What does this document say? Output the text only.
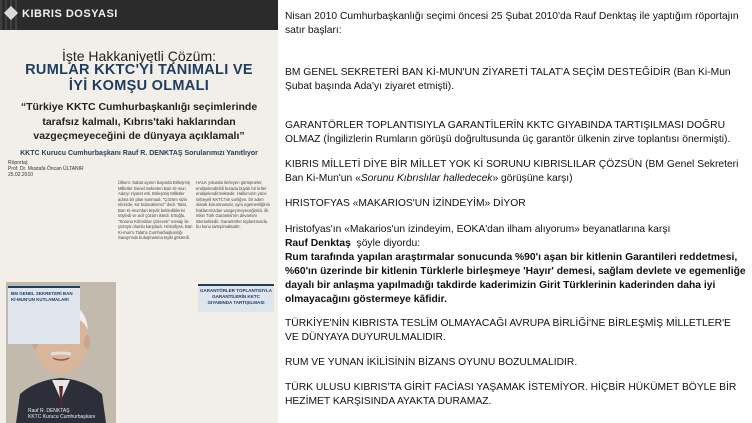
KIBRIS DOSYASI
İşte Hakkaniyetli Çözüm:
RUMLAR KKTC'Yİ TANIMALI VE
İYİ KOMŞU OLMALI
“Türkiye KKTC Cumhurbaşkanlığı seçimlerinde tarafsız kalmalı, Kıbrıs'taki haklarından vazgeçmeyeceğini de dünyaya açıklamalı”
KKTC Kurucu Cumhurbaşkanı Rauf R. DENKTAŞ Sorularımızı Yanıtlıyor
Röportaj:
Prof. Dr. Mustafa Öncan ÜLTANIR
25.02.2010
Ülkem: Sabat ayının başında Birleşmiş Milletler Genel Sekreteri Ban Ki-mun Ada'yı ziyaret etti. Birleşmiş Milletler adına bir plan sunmadı. "Çözüm sizin elinizde, siz bulacaksınız" dedi. Talat, Ban Ki-mun'dan teşvik beklediklerini söyledi ve acil çözüm istedi. Ertoğlu, "Sorunu Kıbrıslılar çözecek" mesajı ile çözüyü olumlu karşıladı. Hristofyas, Ban Ki-mun'u Talat'a Cumhurbaşkanlığı Sarayı'nda buluşmasına tepki gösterdi.
HALK yolunda ilerleyen görüşmeler, endişelendirildi burada büyük bir kriter endişelendirmektedir. Halkımızın yüce sebeyeli KKTC'nin varlığını, bir adım olarak korunmasıdır, aynı egemenliğinin haklarımızdan vazgeçmeyeceğimizi, ilk etkin Türk Garantisi'nin devamını istemektedir. Garantörler toplantısında bu konu tartışılmaktadır.
GARANTÖRLER TOPLANTISIYLA GARANTİLERİN KKTC GIYABINDA TARTIŞILMASI
BM GENEL SEKRETERİ BAN Kİ-MUN'UN KUTLAMALARI
Rauf R. DENKTAŞ
KKTC Kurucu Cumhurbaşkanı
Nisan 2010 Cumhurbaşkanlığı seçimi öncesi 25 Şubat 2010'da Rauf Denktaş ile yaptığım röportajın satır başları:
BM GENEL SEKRETERİ BAN Kİ-MUN'UN ZİYARETİ TALAT'A SEÇİM DESTEĞİDİR (Ban Ki-Mun Şubat başında Ada'yı ziyaret etmişti).
GARANTÖRLER TOPLANTISIYLA GARANTİLERİN KKTC GIYABINDA TARTIŞILMASI DOĞRU OLMAZ (İngilizlerin Rumların görüşü doğrultusunda üç garantör ülkenin zirve toplantısı önermişti).
KIBRIS MİLLETİ DİYE BİR MİLLET YOK Kİ SORUNU KIBRISLILAR ÇÖZSÜN (BM Genel Sekreteri Ban Ki-Mun'un «Sorunu Kıbrıslılar halledecek» görüşüne karşı)
HRISTOFYAS «MAKARIOS'UN İZİNDEYİM» DİYOR
Hristofyas'ın «Makarios'un izindeyim, EOKA'dan ilham alıyorum» beyanatlarına karşı
Rauf Denktaş şöyle diyordu:
Rum tarafında yapılan araştırmalar sonucunda %90'ı aşan bir kitlenin Garantileri reddetmesi, %60'ın üzerinde bir kitlenin Türklerle birleşmeye 'Hayır' demesi, sağlam devlete ve egemenliğe dayalı bir anlaşma yapılmadığı takdirde kaderimizin Girit Türklerinin kaderinden daha iyi olmayacağını göstermeye kâfidir.
TÜRKİYE'NİN KIBRISTA TESLİM OLMAYACAĞI AVRUPA BİRLİĞİ'NE BİRLEŞMİŞ MİLLETLER'E VE DÜNYAYA DUYURULMALIDIR.
RUM VE YUNAN İKİLİSİNİN BİZANS OYUNU BOZULMALIDIR.
TÜRK ULUSU KIBRIS'TA GİRİT FACİASI YAŞAMAK İSTEMİYOR. HİÇBİR HÜKÜMET BÖYLE BİR HEZİMET KARŞISINDA AYAKTA DURAMAZ.
